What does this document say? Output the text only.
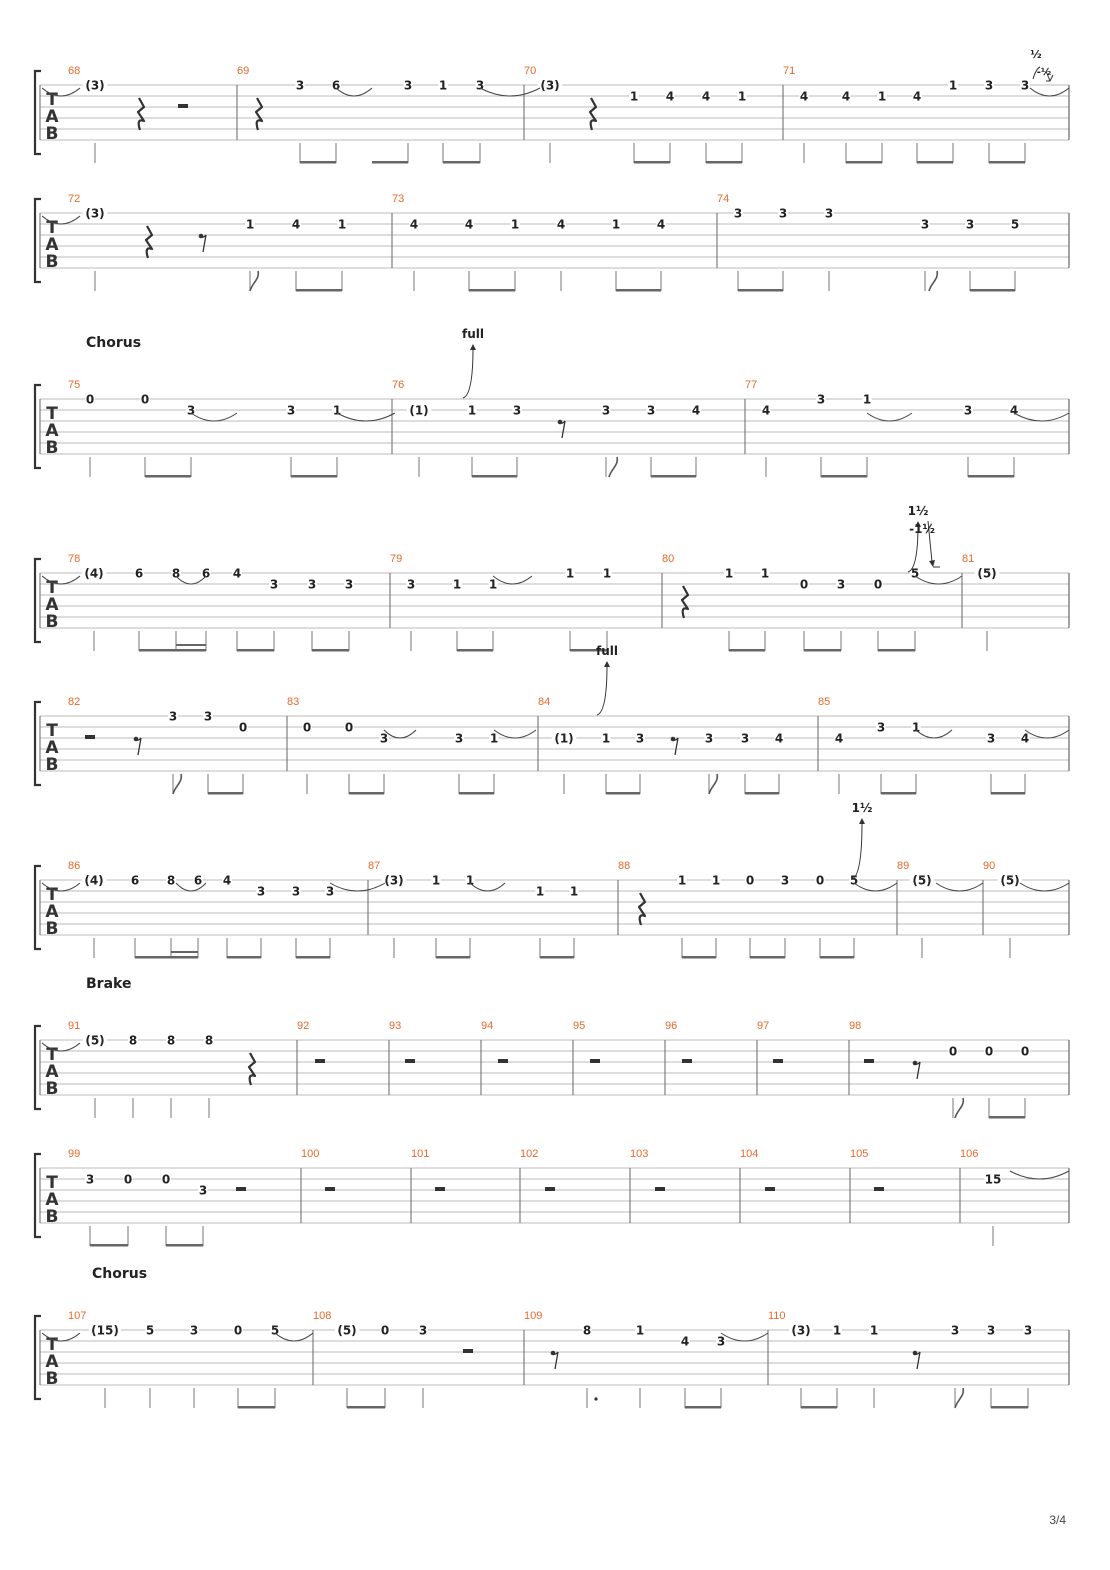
T
A
B
68
(3)
69
3 6	3 1 3
70
(3)
1 4 4 1
71
4	4 1 4
1 3 3
½
-½
T
A
B
72
(3)
1	4	1
73
4	4	1	4	1	4
74
3	3	3
3	3	5
Chorus
T
A
B
75
0	0
3	3	1
76
(1)	1	3	3	3	4
77
4
3	1
3	4
full
T
A
B
78
(4)	6 8 6 4
3 3 3
79
3	1 1
1 1
80
1 1
0 3 0
5
81
(5)
1½
-1½
T
A
B
82
3 3
0
83
0	0
3	3 1
84
(1) 1 3	3 3 4
85
4
3 1
3 4
full
T
A
B
86
(4) 6 8 6 4
3 3 3
87
(3) 1 1
1 1
88
1 1 0 3 0 5
89
(5)
90
(5)
1½
Brake
T
A
B
91
(5) 8 8 8
92	93	94	95	96	97	98
0 0 0
T
A
B
99
3 0 0
3
100	101	102	103	104	105	106
15
Chorus
T
A
B
107
(15) 5	3	0 5
108
(5) 0 3
109
8	1
4 3
110
(3) 1 1	3 3 3
3/4
